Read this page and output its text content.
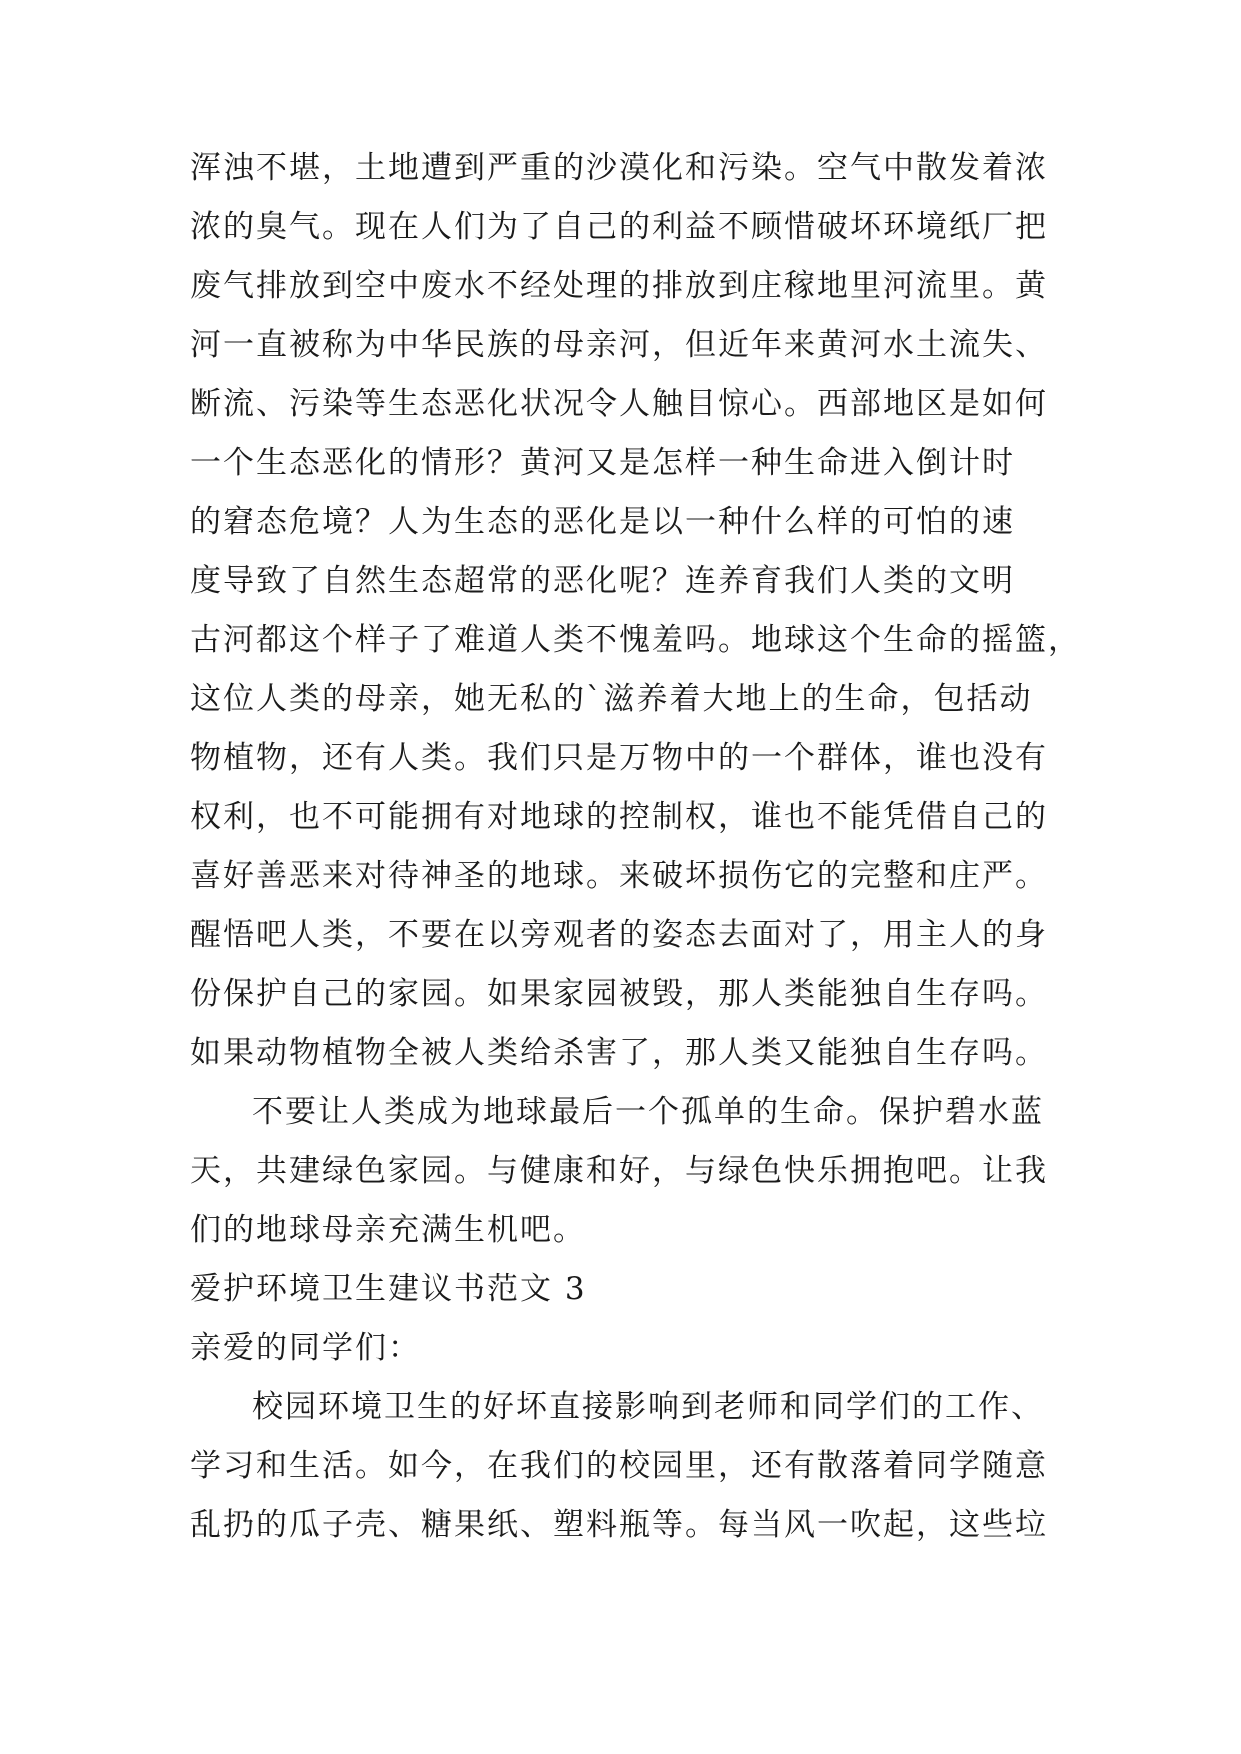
浑浊不堪，土地遭到严重的沙漠化和污染。空气中散发着浓
浓的臭气。现在人们为了自己的利益不顾惜破坏环境纸厂把
废气排放到空中废水不经处理的排放到庄稼地里河流里。黄
河一直被称为中华民族的母亲河，但近年来黄河水土流失、
断流、污染等生态恶化状况令人触目惊心。西部地区是如何
一个生态恶化的情形？黄河又是怎样一种生命进入倒计时
的窘态危境？人为生态的恶化是以一种什么样的可怕的速
度导致了自然生态超常的恶化呢？连养育我们人类的文明
古河都这个样子了难道人类不愧羞吗。地球这个生命的摇篮，
这位人类的母亲，她无私的`滋养着大地上的生命，包括动
物植物，还有人类。我们只是万物中的一个群体，谁也没有
权利，也不可能拥有对地球的控制权，谁也不能凭借自己的
喜好善恶来对待神圣的地球。来破坏损伤它的完整和庄严。
醒悟吧人类，不要在以旁观者的姿态去面对了，用主人的身
份保护自己的家园。如果家园被毁，那人类能独自生存吗。
如果动物植物全被人类给杀害了，那人类又能独自生存吗。
不要让人类成为地球最后一个孤单的生命。保护碧水蓝
天，共建绿色家园。与健康和好，与绿色快乐拥抱吧。让我
们的地球母亲充满生机吧。
爱护环境卫生建议书范文 3
亲爱的同学们：
校园环境卫生的好坏直接影响到老师和同学们的工作、
学习和生活。如今，在我们的校园里，还有散落着同学随意
乱扔的瓜子壳、糖果纸、塑料瓶等。每当风一吹起，这些垃
